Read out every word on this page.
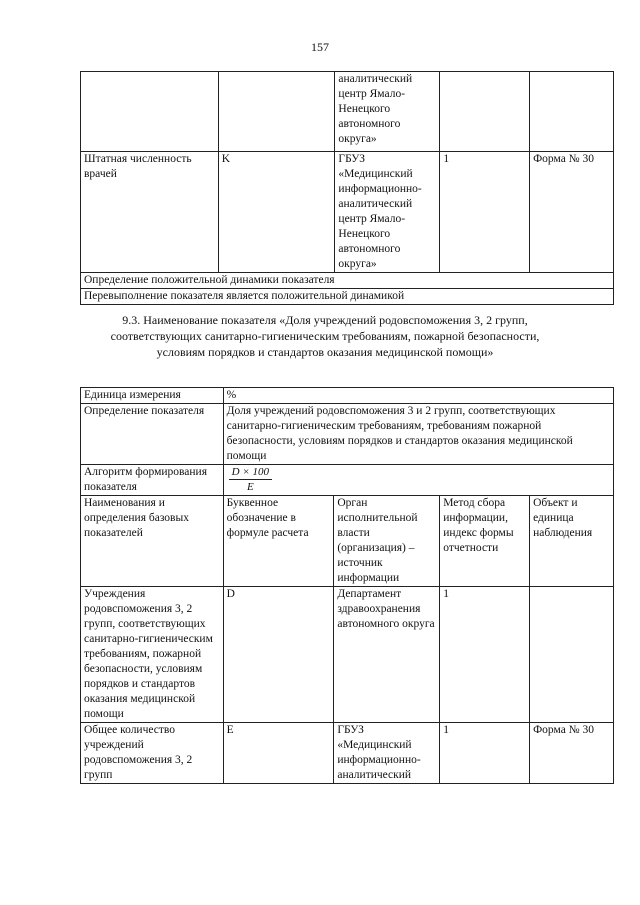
157
		аналитический центр Ямало-Ненецкого автономного округа»		
Штатная численность врачей	K	ГБУЗ «Медицинский информационно-аналитический центр Ямало-Ненецкого автономного округа»	1	Форма № 30
Определение положительной динамики показателя				
Перевыполнение показателя является положительной динамикой				
9.3. Наименование показателя «Доля учреждений родовспоможения 3, 2 групп, соответствующих санитарно-гигиеническим требованиям, пожарной безопасности, условиям порядков и стандартов оказания медицинской помощи»
Единица измерения	%			
Определение показателя	Доля учреждений родовспоможения 3 и 2 групп, соответствующих санитарно-гигиеническим требованиям, требованиям пожарной безопасности, условиям порядков и стандартов оказания медицинской помощи			
Алгоритм формирования показателя	$\frac{D \times 100}{E}$

Наименования и определения базовых показателей	Буквенное обозначение в формуле расчета	Орган исполнительной власти (организация) – источник информации	Метод сбора информации, индекс формы отчетности	Объект и единица наблюдения
Учреждения родовспоможения 3, 2 групп, соответствующих санитарно-гигиеническим требованиям, пожарной безопасности, условиям порядков и стандартов оказания медицинской помощи	D	Департамент здравоохранения автономного округа	1	
Общее количество учреждений родовспоможения 3, 2 групп	E	ГБУЗ «Медицинский информационно-аналитический	1	Форма № 30
